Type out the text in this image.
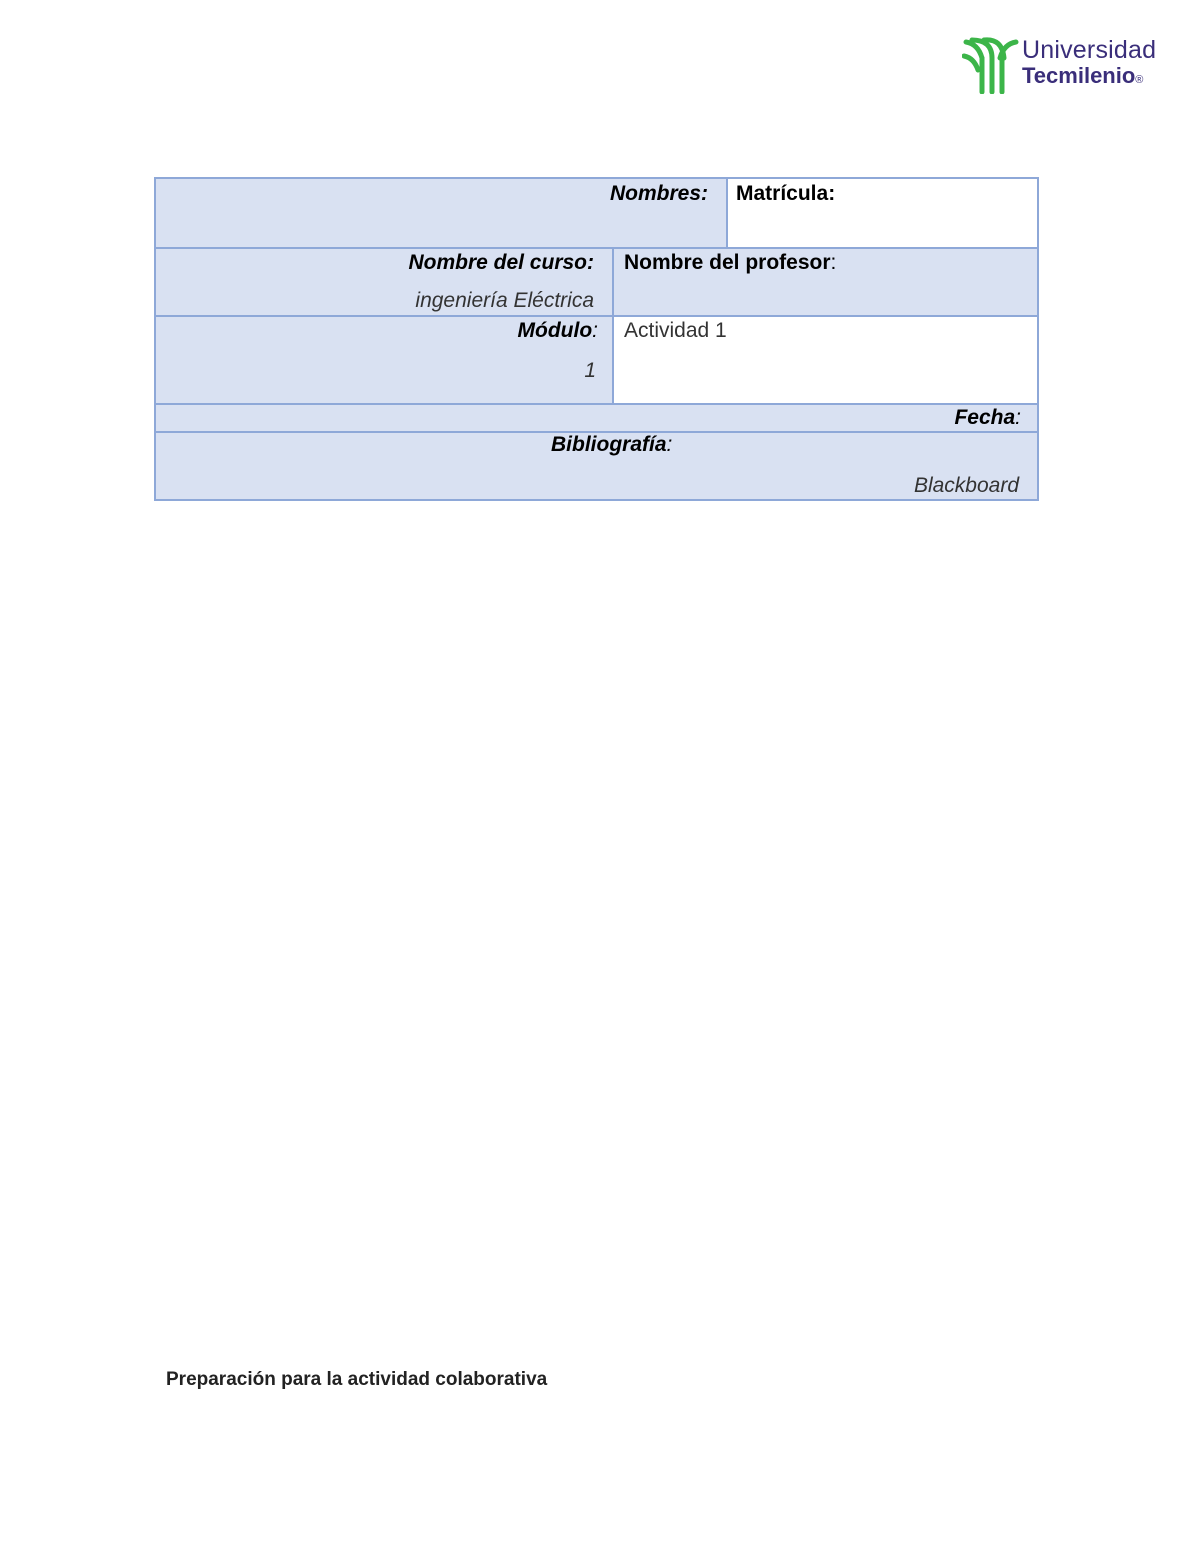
Universidad
Tecmilenio®
Nombres: Matrícula:
Nombre del curso:
ingeniería Eléctrica
Nombre del profesor:
Módulo:
1
Actividad 1
Fecha:
Bibliografía:
Blackboard
Preparación para la actividad colaborativa
